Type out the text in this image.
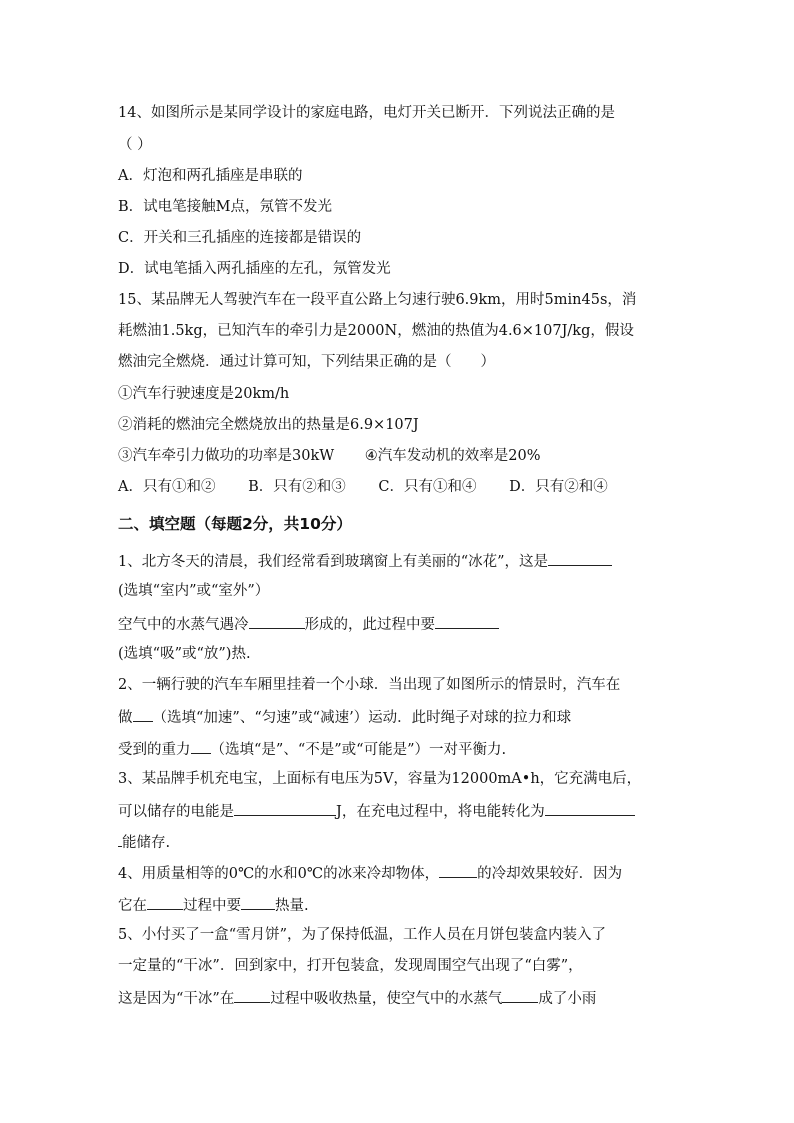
14、如图所示是某同学设计的家庭电路，电灯开关已断开．下列说法正确的是
（ ）
A．灯泡和两孔插座是串联的
B．试电笔接触M点，氖管不发光
C．开关和三孔插座的连接都是错误的
D．试电笔插入两孔插座的左孔，氖管发光
15、某品牌无人驾驶汽车在一段平直公路上匀速行驶6.9km，用时5min45s，消
耗燃油1.5kg，已知汽车的牵引力是2000N，燃油的热值为4.6×107J/kg，假设
燃油完全燃烧．通过计算可知，下列结果正确的是（　　）
①汽车行驶速度是20km/h
②消耗的燃油完全燃烧放出的热量是6.9×107J
③汽车牵引力做功的功率是30kW ④汽车发动机的效率是20%
A．只有①和② B．只有②和③ C．只有①和④ D．只有②和④
二、填空题（每题2分，共10分）
1、北方冬天的清晨，我们经常看到玻璃窗上有美丽的“冰花”，这是
(选填“室内”或“室外”）
空气中的水蒸气遇冷	形成的，此过程中要
(选填“吸”或“放”)热.
2、一辆行驶的汽车车厢里挂着一个小球．当出现了如图所示的情景时，汽车在
做 （选填“加速”、“匀速”或“减速’）运动．此时绳子对球的拉力和球
受到的重力 （选填“是”、“不是”或“可能是”）一对平衡力.
3、某品牌手机充电宝，上面标有电压为5V，容量为12000mA•h，它充满电后，
可以储存的电能是	J，在充电过程中，将电能转化为
能储存.
4、用质量相等的0℃的水和0℃的冰来冷却物体，	的冷却效果较好．因为
它在 过程中要 热量.
5、小付买了一盒“雪月饼”，为了保持低温，工作人员在月饼包装盒内装入了
一定量的“干冰”．回到家中，打开包装盒，发现周围空气出现了“白雾”，
这是因为“干冰”在 过程中吸收热量，使空气中的水蒸气 成了小雨
